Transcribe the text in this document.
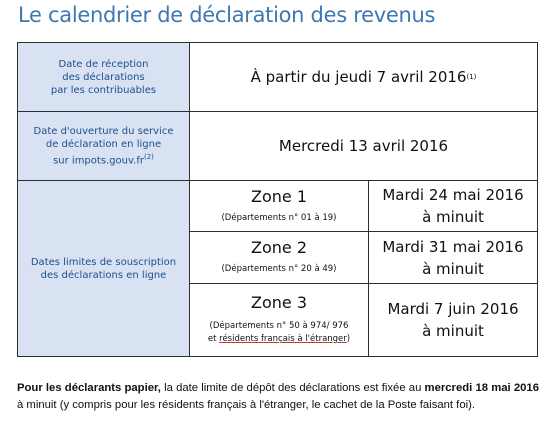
Le calendrier de déclaration des revenus
Date de réception
des déclarations
par les contribuables
Date d'ouverture du service
de déclaration en ligne
sur $impots.gouv.fr^{(2)}$
Dates limites de souscription
des déclarations en ligne
À partir du jeudi 7 avril 2016 (1)
Mercredi 13 avril 2016
Zone 1
(Départements n° 01 à 19)
Mardi 24 mai 2016
à minuit
Zone 2
(Départements n° 20 à 49)
Mardi 31 mai 2016
à minuit
Zone 3
(Départements n° 50 à 974/ 976
et résidents français à l'étranger)
Mardi 7 juin 2016
à minuit
Pour les déclarants papier, la date limite de dépôt des déclarations est fixée au mercredi 18 mai 2016 à minuit (y compris pour les résidents français à l'étranger, le cachet de la Poste faisant foi).
